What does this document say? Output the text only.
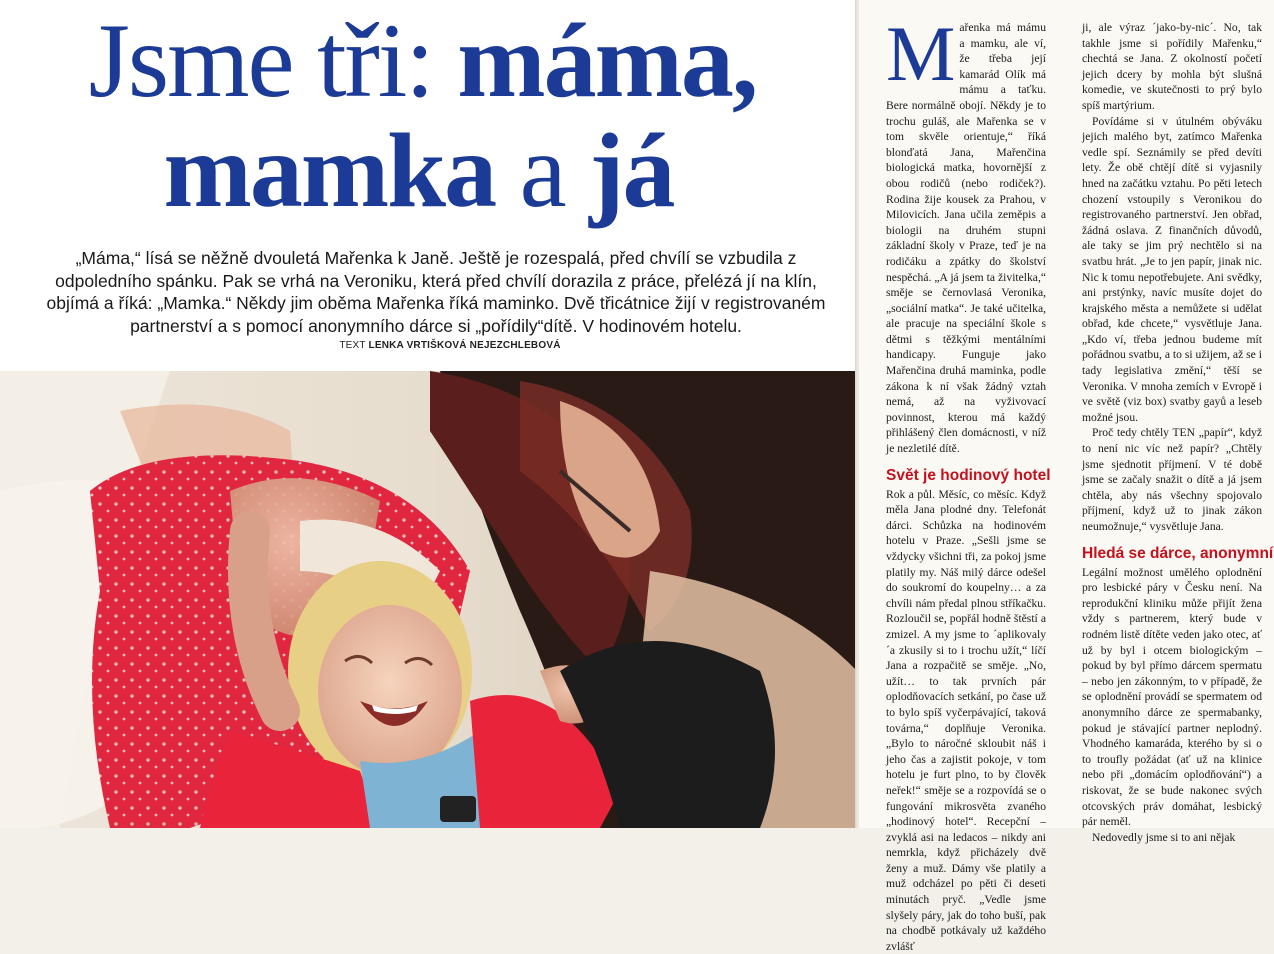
Jsme tři: máma,
mamka a já

„Máma,“ lísá se něžně dvouletá Mařenka k Janě. Ještě je rozespalá, před chvílí se vzbudila z odpoledního spánku. Pak se vrhá na Veroniku, která před chvílí dorazila z práce, přelézá jí na klín, objímá a říká: „Mamka.“ Někdy jim oběma Mařenka říká maminko. Dvě třicátnice žijí v registrovaném partnerství a s pomocí anonymního dárce si „pořídily“dítě. V hodinovém hotelu.

TEXT LENKA VRTIŠKOVÁ NEJEZCHLEBOVÁ

Mařenka má mámu a mamku, ale ví, že třeba její kamarád Olík má mámu a taťku. Bere normálně obojí. Někdy je to trochu guláš, ale Mařenka se v tom skvěle orientuje,“ říká blonďatá Jana, Mařenčina biologická matka, hovornější z obou rodičů (nebo rodiček?). Rodina žije kousek za Prahou, v Milovicích. Jana učila zeměpis a biologii na druhém stupni základní školy v Praze, teď je na rodičáku a zpátky do školství nespěchá. „A já jsem ta živitelka,“ směje se černovlasá Veronika, „sociální matka“. Je také učitelka, ale pracuje na speciální škole s dětmi s těžkými mentálními handicapy. Funguje jako Mařenčina druhá maminka, podle zákona k ní však žádný vztah nemá, až na vyživovací povinnost, kterou má každý přihlášený člen domácnosti, v níž je nezletilé dítě.

Svět je hodinový hotel

Rok a půl. Měsíc, co měsíc. Když měla Jana plodné dny. Telefonát dárci. Schůzka na hodinovém hotelu v Praze. „Sešli jsme se vždycky všichni tři, za pokoj jsme platily my. Náš milý dárce odešel do soukromí do koupelny… a za chvíli nám předal plnou stříkačku. Rozloučil se, popřál hodně štěstí a zmizel. A my jsme to ´aplikovaly´a zkusily si to i trochu užít,“ líčí Jana a rozpačitě se směje. „No, užít… to tak prvních pár oplodňovacích setkání, po čase už to bylo spíš vyčerpávající, taková továrna,“ doplňuje Veronika. „Bylo to náročné skloubit náš i jeho čas a zajistit pokoje, v tom hotelu je furt plno, to by člověk neřek!“ směje se a rozpovídá se o fungování mikrosvěta zvaného „hodinový hotel“. Recepční – zvyklá asi na ledacos – nikdy ani nemrkla, když přicházely dvě ženy a muž. Dámy vše platily a muž odcházel po pěti či deseti minutách pryč. „Vedle jsme slyšely páry, jak do toho buší, pak na chodbě potkávaly už každého zvlášť

ji, ale výraz ´jako-by-nic´. No, tak takhle jsme si pořídily Mařenku,“ chechtá se Jana. Z okolností početí jejich dcery by mohla být slušná komedie, ve skutečnosti to prý bylo spíš martýrium.

Povídáme si v útulném obýváku jejich malého byt, zatímco Mařenka vedle spí. Seznámily se před devíti lety. Že obě chtějí dítě si vyjasnily hned na začátku vztahu. Po pěti letech chození vstoupily s Veronikou do registrovaného partnerství. Jen obřad, žádná oslava. Z finančních důvodů, ale taky se jim prý nechtělo si na svatbu hrát. „Je to jen papír, jinak nic. Nic k tomu nepotřebujete. Ani svědky, ani prstýnky, navíc musíte dojet do krajského města a nemůžete si udělat obřad, kde chcete,“ vysvětluje Jana. „Kdo ví, třeba jednou budeme mít pořádnou svatbu, a to si užijem, až se i tady legislativa změní,“ těší se Veronika. V mnoha zemích v Evropě i ve světě (viz box) svatby gayů a leseb možné jsou.

Proč tedy chtěly TEN „papír“, když to není nic víc než papír? „Chtěly jsme sjednotit příjmení. V té době jsme se začaly snažit o dítě a já jsem chtěla, aby nás všechny spojovalo příjmení, když už to jinak zákon neumožnuje,“ vysvětluje Jana.

Hledá se dárce, anonymní

Legální možnost umělého oplodnění pro lesbické páry v Česku není. Na reprodukční kliniku může přijít žena vždy s partnerem, který bude v rodném listě dítěte veden jako otec, ať už by byl i otcem biologickým – pokud by byl přímo dárcem spermatu – nebo jen zákonným, to v případě, že se oplodnění provádí se spermatem od anonymního dárce ze spermabanky, pokud je stávající partner neplodný. Vhodného kamaráda, kterého by si o to troufly požádat (ať už na klinice nebo při „domácím oplodňování“) a riskovat, že se bude nakonec svých otcovských práv domáhat, lesbický pár neměl.

Nedovedly jsme si to ani nějak
